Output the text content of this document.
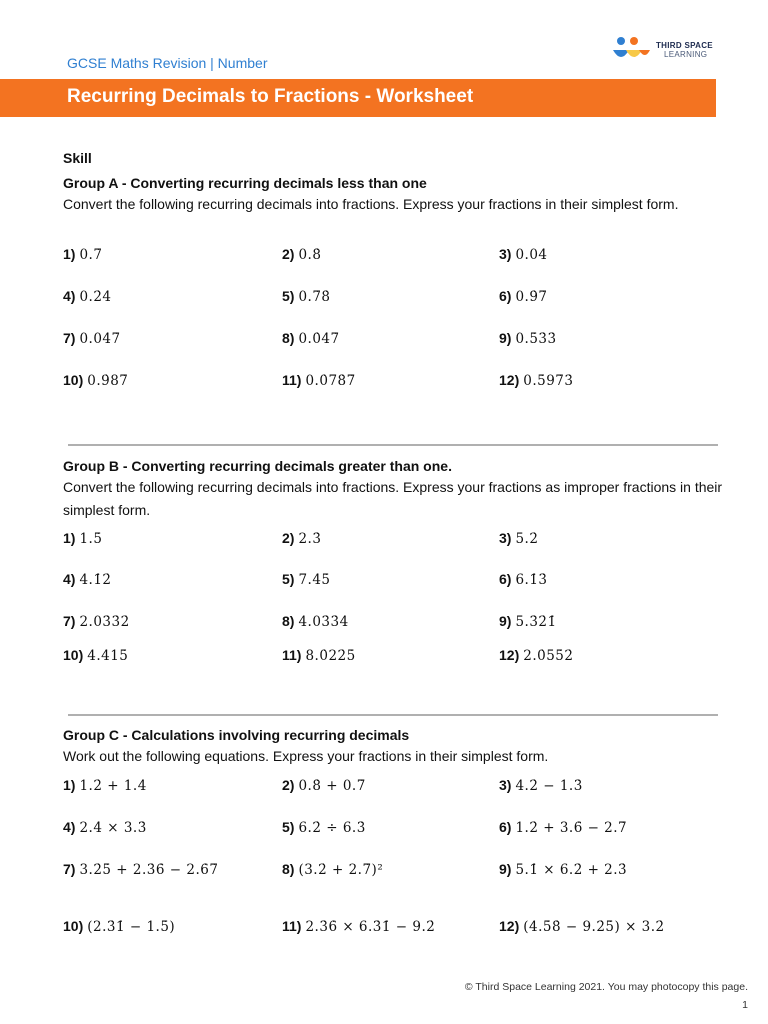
GCSE Maths Revision | Number
THIRD SPACE
LEARNING
Recurring Decimals to Fractions - Worksheet
Skill
Group A - Converting recurring decimals less than one
Convert the following recurring decimals into fractions. Express your fractions in their simplest form.
1) 0.7̇	2) 0.8̇	3) 0.04̇
4) 0.2̇4̇	5) 0.7̇8̇	6) 0.9̇7̇
7) 0.04̇7̇	8) 0.0̇4̇7̇	9) 0.5̇3̇3̇
10) 0.9̇87̇	11) 0.0̇78̇7̇	12) 0.5̇97̇3̇
Group B - Converting recurring decimals greater than one.
Convert the following recurring decimals into fractions. Express your fractions as improper fractions in their simplest form.
1) 1.5̇	2) 2.3̇	3) 5.2̇
4) 4.1̇2̇	5) 7.4̇5̇	6) 6.1̇3̇
7) 2.03̇3̇2̇	8) 4.03̇3̇4̇	9) 5.3̇2̇1̇
10) 4.4̇15̇	11) 8.0̇22̇5̇	12) 2.0̇55̇2̇
Group C - Calculations involving recurring decimals
Work out the following equations. Express your fractions in their simplest form.
1) 1.2̇ + 1.4̇	2) 0.8̇ + 0.7̇	3) 4.2̇ − 1.3̇
4) 2.4̇ × 3.3̇	5) 6.2̇ ÷ 6.3̇	6) 1.2̇ + 3.6̇ − 2.7̇
7) 3.2̇5̇ + 2.3̇6̇ − 2.6̇7̇	8) (3.2̇ + 2.7̇)²	9) 5.1̇ × 6.2̇ + 2.3̇
10) (2.3̇1̇ − 1.5̇)	11) 2.3̇6̇ × 6.3̇1̇ − 9.2̇	12) (4.5̇8̇ − 9.2̇5̇) × 3.2̇
© Third Space Learning 2021. You may photocopy this page.
1
